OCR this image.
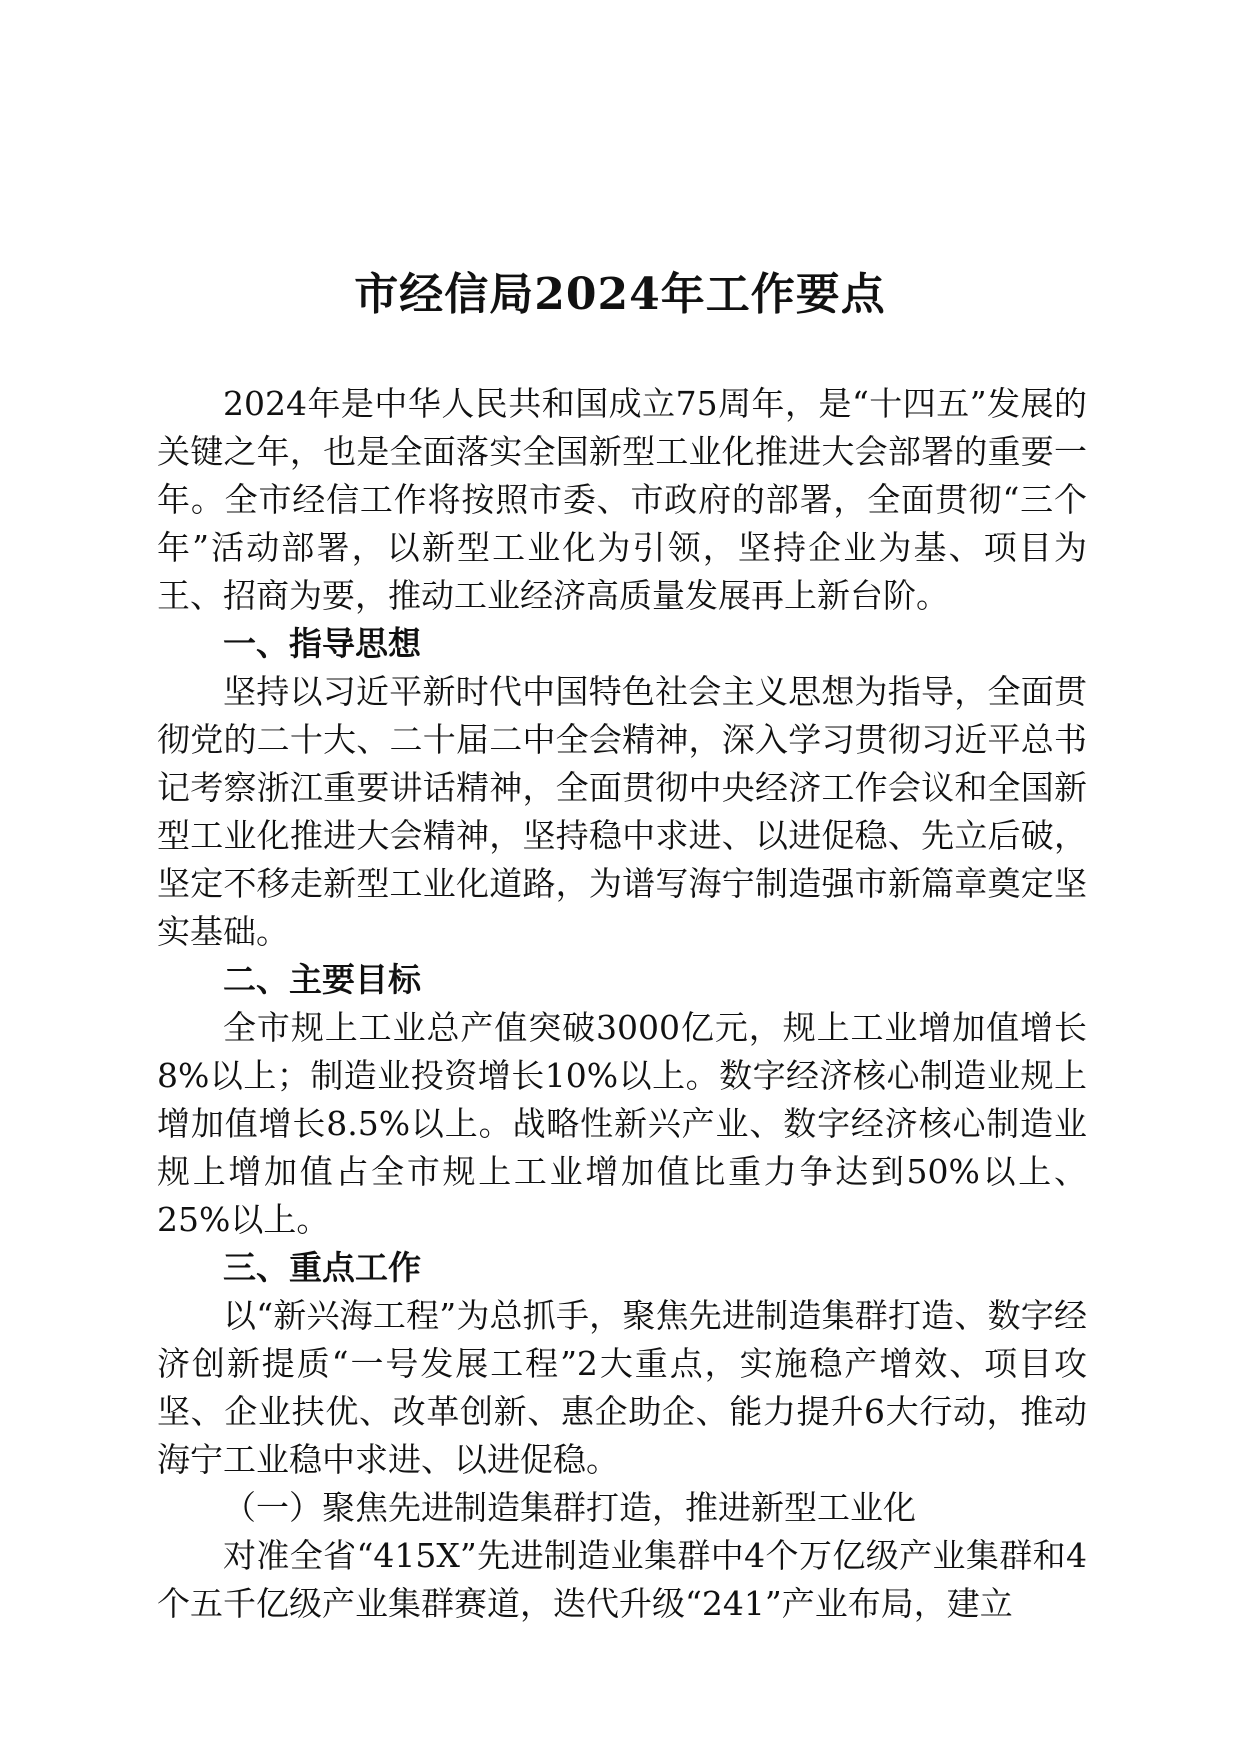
市经信局2024年工作要点

2024年是中华人民共和国成立75周年，是“十四五”发展的关键之年，也是全面落实全国新型工业化推进大会部署的重要一年。全市经信工作将按照市委、市政府的部署，全面贯彻“三个年”活动部署，以新型工业化为引领，坚持企业为基、项目为王、招商为要，推动工业经济高质量发展再上新台阶。

一、指导思想

坚持以习近平新时代中国特色社会主义思想为指导，全面贯彻党的二十大、二十届二中全会精神，深入学习贯彻习近平总书记考察浙江重要讲话精神，全面贯彻中央经济工作会议和全国新型工业化推进大会精神，坚持稳中求进、以进促稳、先立后破，坚定不移走新型工业化道路，为谱写海宁制造强市新篇章奠定坚实基础。

二、主要目标

全市规上工业总产值突破3000亿元，规上工业增加值增长8%以上；制造业投资增长10%以上。数字经济核心制造业规上增加值增长8.5%以上。战略性新兴产业、数字经济核心制造业规上增加值占全市规上工业增加值比重力争达到50%以上、25%以上。

三、重点工作

以“新兴海工程”为总抓手，聚焦先进制造集群打造、数字经济创新提质“一号发展工程”2大重点，实施稳产增效、项目攻坚、企业扶优、改革创新、惠企助企、能力提升6大行动，推动海宁工业稳中求进、以进促稳。

（一）聚焦先进制造集群打造，推进新型工业化

对准全省“415X”先进制造业集群中4个万亿级产业集群和4个五千亿级产业集群赛道，迭代升级“241”产业布局，建立
